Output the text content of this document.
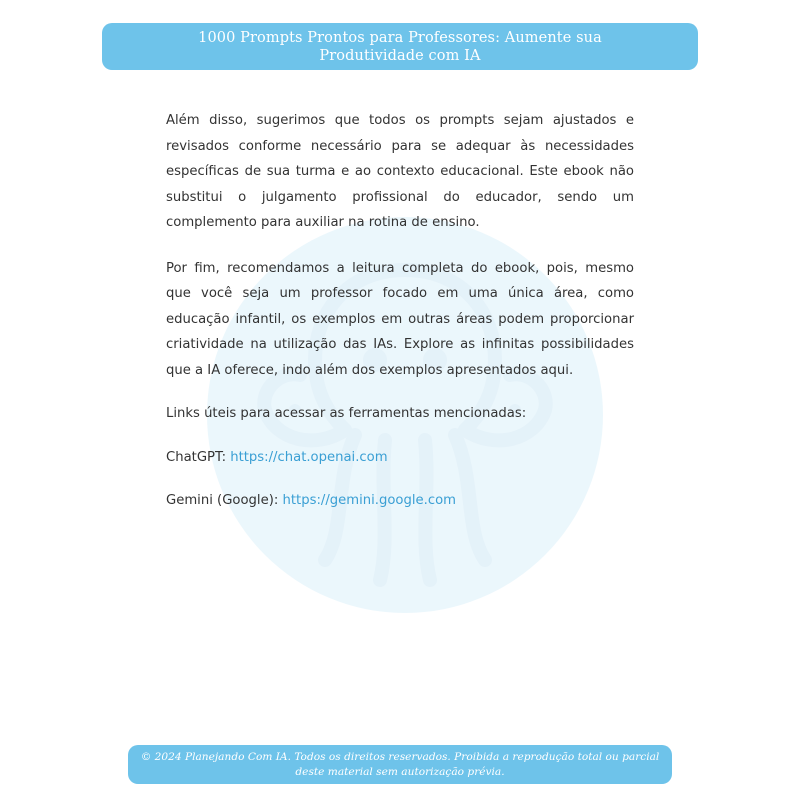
1000 Prompts Prontos para Professores: Aumente sua Produtividade com IA

Além disso, sugerimos que todos os prompts sejam ajustados e revisados conforme necessário para se adequar às necessidades específicas de sua turma e ao contexto educacional. Este ebook não substitui o julgamento profissional do educador, sendo um complemento para auxiliar na rotina de ensino.

Por fim, recomendamos a leitura completa do ebook, pois, mesmo que você seja um professor focado em uma única área, como educação infantil, os exemplos em outras áreas podem proporcionar criatividade na utilização das IAs. Explore as infinitas possibilidades que a IA oferece, indo além dos exemplos apresentados aqui.

Links úteis para acessar as ferramentas mencionadas:

ChatGPT: https://chat.openai.com

Gemini (Google): https://gemini.google.com

© 2024 Planejando Com IA. Todos os direitos reservados. Proibida a reprodução total ou parcial deste material sem autorização prévia.
